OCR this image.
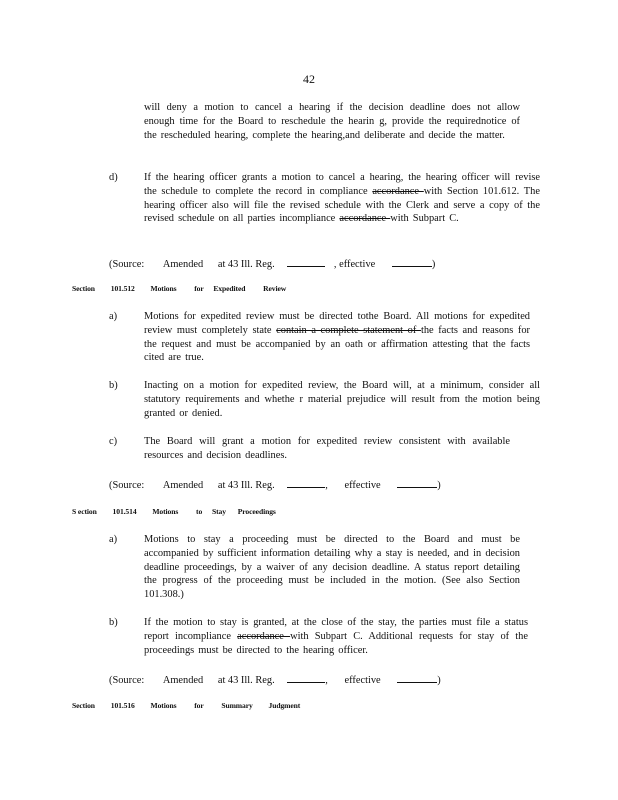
42
will deny a motion to cancel a hearing if the decision deadline does not allow enough time for the Board to reschedule the hearin g, provide the requirednotice of the rescheduled hearing, complete the hearing,and deliberate and decide the matter.
d)	If the hearing officer grants a motion to cancel a hearing, the hearing officer will revise the schedule to complete the record in compliance accordance with Section 101.612. The hearing officer also will file the revised schedule with the Clerk and serve a copy of the revised schedule on all parties incompliance accordance with Subpart C.
(Source: Amended at 43 Ill. Reg.	, effective	)
Section 101.512 Motions for Expedited Review
a)	Motions for expedited review must be directed tothe Board. All motions for expedited review must completely state contain a complete statement of the facts and reasons for the request and must be accompanied by an oath or affirmation attesting that the facts cited are true.
b)	Inacting on a motion for expedited review, the Board will, at a minimum, consider all statutory requirements and whethe r material prejudice will result from the motion being granted or denied.
c)	The Board will grant a motion for expedited review consistent with available resources and decision deadlines.
(Source: Amended at 43 Ill. Reg.	, effective	)
S ection 101.514 Motions to Stay Proceedings
a)	Motions to stay a proceeding must be directed to the Board and must be accompanied by sufficient information detailing why a stay is needed, and in decision deadline proceedings, by a waiver of any decision deadline. A status report detailing the progress of the proceeding must be included in the motion. (See also Section 101.308.)
b)	If the motion to stay is granted, at the close of the stay, the parties must file a status report incompliance accordance with Subpart C. Additional requests for stay of the proceedings must be directed to the hearing officer.
(Source: Amended at 43 Ill. Reg.	, effective	)
Section 101.516 Motions for Summary Judgment
